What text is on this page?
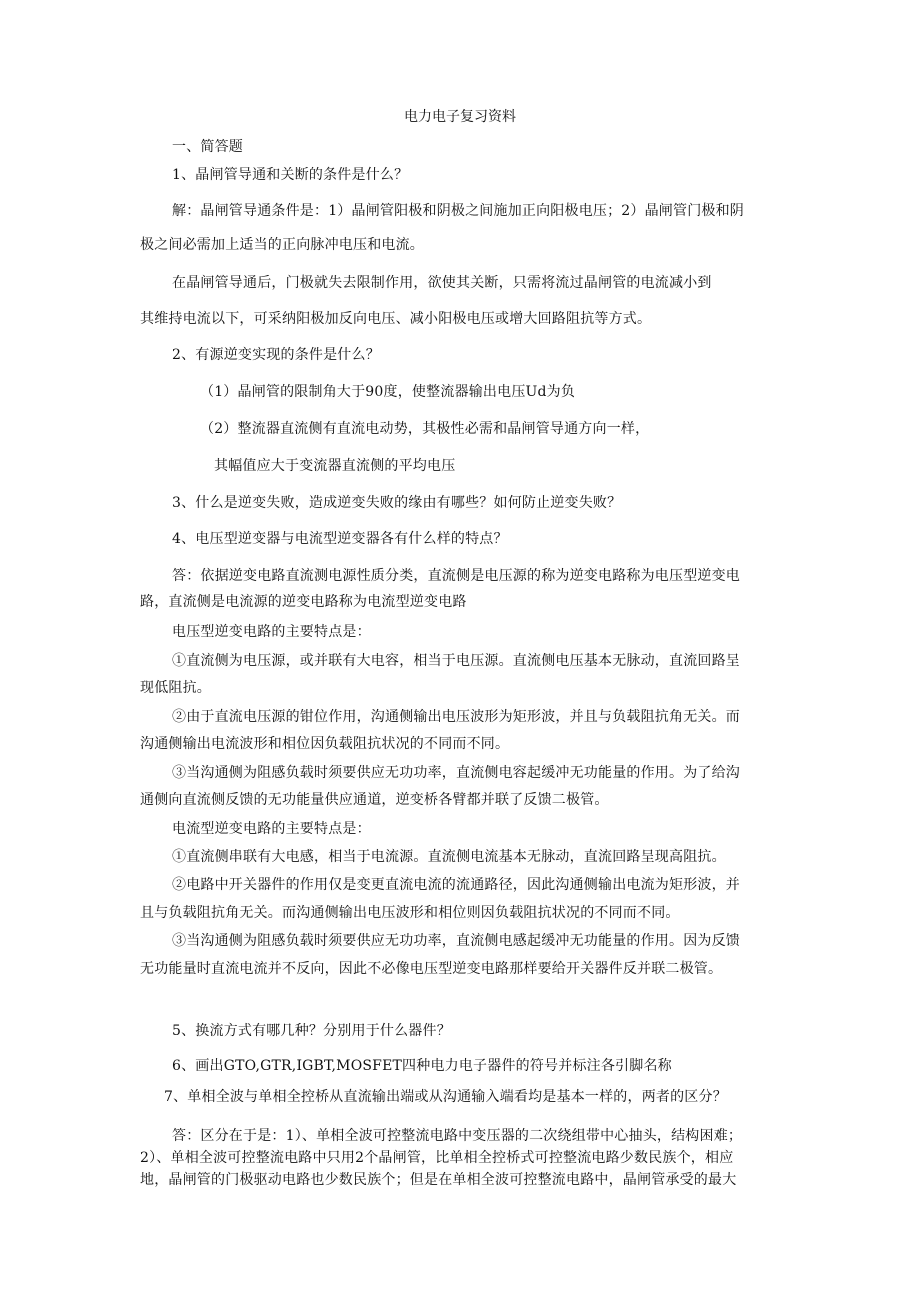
电力电子复习资料
一、简答题
1、晶闸管导通和关断的条件是什么？
解：晶闸管导通条件是：1）晶闸管阳极和阴极之间施加正向阳极电压；2）晶闸管门极和阴
极之间必需加上适当的正向脉冲电压和电流。
在晶闸管导通后，门极就失去限制作用，欲使其关断，只需将流过晶闸管的电流减小到
其维持电流以下，可采纳阳极加反向电压、减小阳极电压或增大回路阻抗等方式。
2、有源逆变实现的条件是什么？
（1）晶闸管的限制角大于90度，使整流器输出电压Ud为负
（2）整流器直流侧有直流电动势，其极性必需和晶闸管导通方向一样，
其幅值应大于变流器直流侧的平均电压
3、什么是逆变失败，造成逆变失败的缘由有哪些？如何防止逆变失败？
4、电压型逆变器与电流型逆变器各有什么样的特点？
答：依据逆变电路直流测电源性质分类，直流侧是电压源的称为逆变电路称为电压型逆变电
路，直流侧是电流源的逆变电路称为电流型逆变电路
电压型逆变电路的主要特点是：
①直流侧为电压源，或并联有大电容，相当于电压源。直流侧电压基本无脉动，直流回路呈
现低阻抗。
②由于直流电压源的钳位作用，沟通侧输出电压波形为矩形波，并且与负载阻抗角无关。而
沟通侧输出电流波形和相位因负载阻抗状况的不同而不同。
③当沟通侧为阻感负载时须要供应无功功率，直流侧电容起缓冲无功能量的作用。为了给沟
通侧向直流侧反馈的无功能量供应通道，逆变桥各臂都并联了反馈二极管。
电流型逆变电路的主要特点是：
①直流侧串联有大电感，相当于电流源。直流侧电流基本无脉动，直流回路呈现高阻抗。
②电路中开关器件的作用仅是变更直流电流的流通路径，因此沟通侧输出电流为矩形波，并
且与负载阻抗角无关。而沟通侧输出电压波形和相位则因负载阻抗状况的不同而不同。
③当沟通侧为阻感负载时须要供应无功功率，直流侧电感起缓冲无功能量的作用。因为反馈
无功能量时直流电流并不反向，因此不必像电压型逆变电路那样要给开关器件反并联二极管。
5、换流方式有哪几种？分别用于什么器件？
6、画出GTO,GTR,IGBT,MOSFET四种电力电子器件的符号并标注各引脚名称
7、单相全波与单相全控桥从直流输出端或从沟通输入端看均是基本一样的，两者的区分？
答：区分在于是：1）、单相全波可控整流电路中变压器的二次绕组带中心抽头，结构困难；
2）、单相全波可控整流电路中只用2个晶闸管，比单相全控桥式可控整流电路少数民族个，相应
地，晶闸管的门极驱动电路也少数民族个；但是在单相全波可控整流电路中，晶闸管承受的最大
